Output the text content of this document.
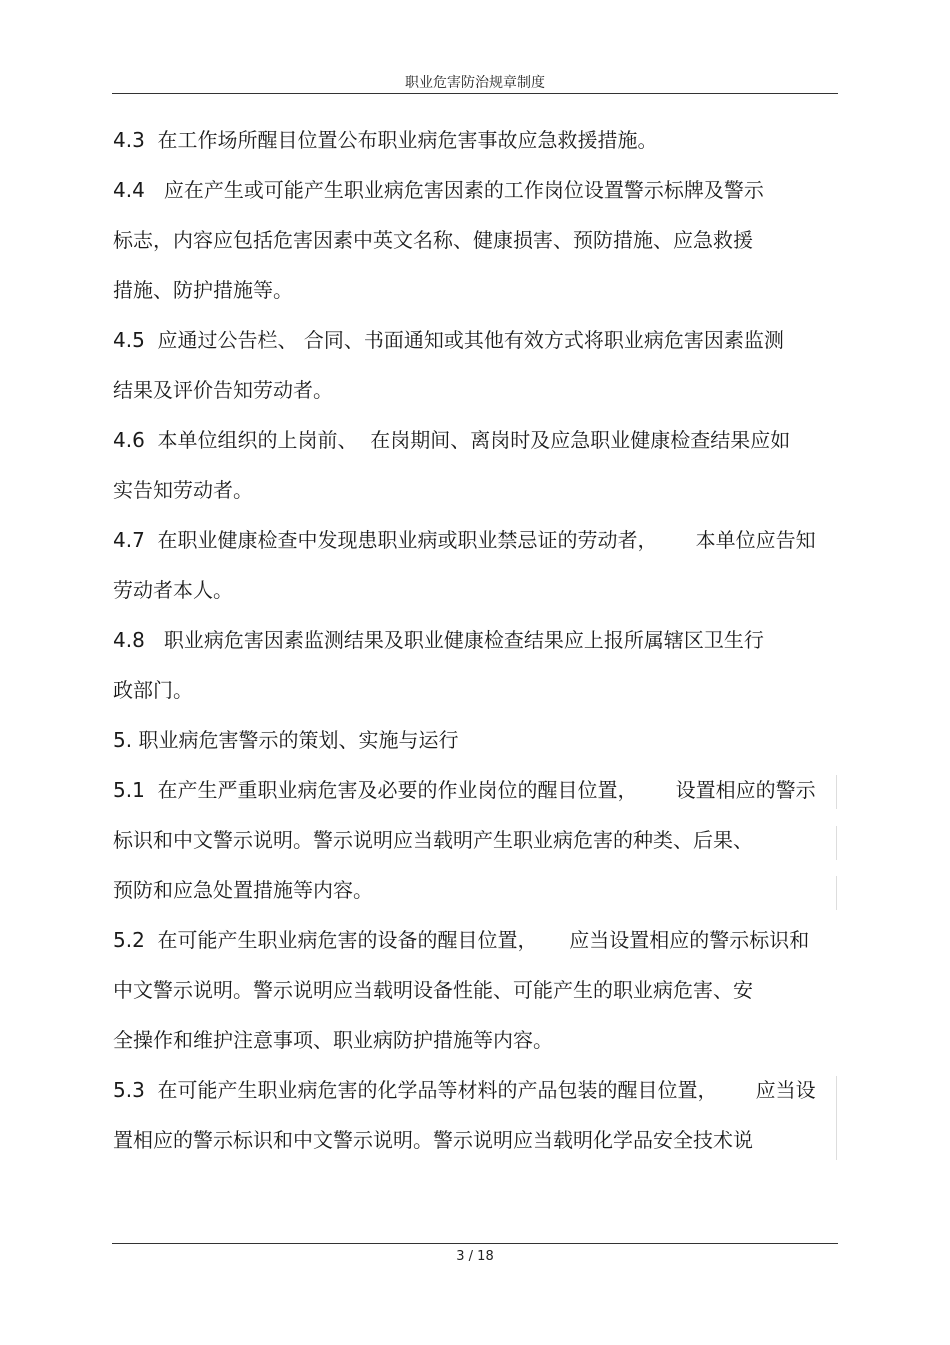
职业危害防治规章制度
4.3  在工作场所醒目位置公布职业病危害事故应急救援措施。
4.4   应在产生或可能产生职业病危害因素的工作岗位设置警示标牌及警示
标志，内容应包括危害因素中英文名称、健康损害、预防措施、应急救援
措施、防护措施等。
4.5  应通过公告栏、 合同、书面通知或其他有效方式将职业病危害因素监测
结果及评价告知劳动者。
4.6  本单位组织的上岗前、  在岗期间、离岗时及应急职业健康检查结果应如
实告知劳动者。
4.7  在职业健康检查中发现患职业病或职业禁忌证的劳动者，      本单位应告知
劳动者本人。
4.8   职业病危害因素监测结果及职业健康检查结果应上报所属辖区卫生行
政部门。
5. 职业病危害警示的策划、实施与运行
5.1  在产生严重职业病危害及必要的作业岗位的醒目位置，      设置相应的警示
标识和中文警示说明。警示说明应当载明产生职业病危害的种类、后果、
预防和应急处置措施等内容。
5.2  在可能产生职业病危害的设备的醒目位置，     应当设置相应的警示标识和
中文警示说明。警示说明应当载明设备性能、可能产生的职业病危害、安
全操作和维护注意事项、职业病防护措施等内容。
5.3  在可能产生职业病危害的化学品等材料的产品包装的醒目位置，      应当设
置相应的警示标识和中文警示说明。警示说明应当载明化学品安全技术说
3 / 18
